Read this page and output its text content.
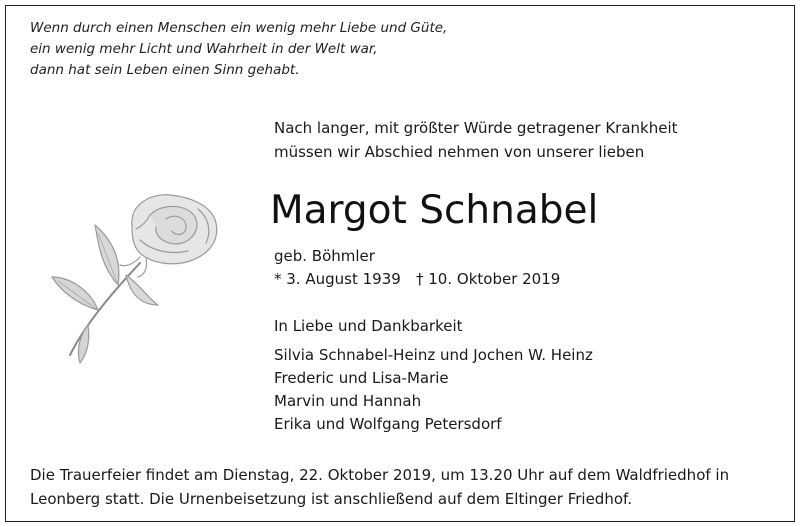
Wenn durch einen Menschen ein wenig mehr Liebe und Güte,
ein wenig mehr Licht und Wahrheit in der Welt war,
dann hat sein Leben einen Sinn gehabt.
Nach langer, mit größter Würde getragener Krankheit
müssen wir Abschied nehmen von unserer lieben
Margot Schnabel
geb. Böhmler
* 3. August 1939 † 10. Oktober 2019
In Liebe und Dankbarkeit
Silvia Schnabel-Heinz und Jochen W. Heinz
Frederic und Lisa-Marie
Marvin und Hannah
Erika und Wolfgang Petersdorf
Die Trauerfeier findet am Dienstag, 22. Oktober 2019, um 13.20 Uhr auf dem Waldfriedhof in
Leonberg statt. Die Urnenbeisetzung ist anschließend auf dem Eltinger Friedhof.
